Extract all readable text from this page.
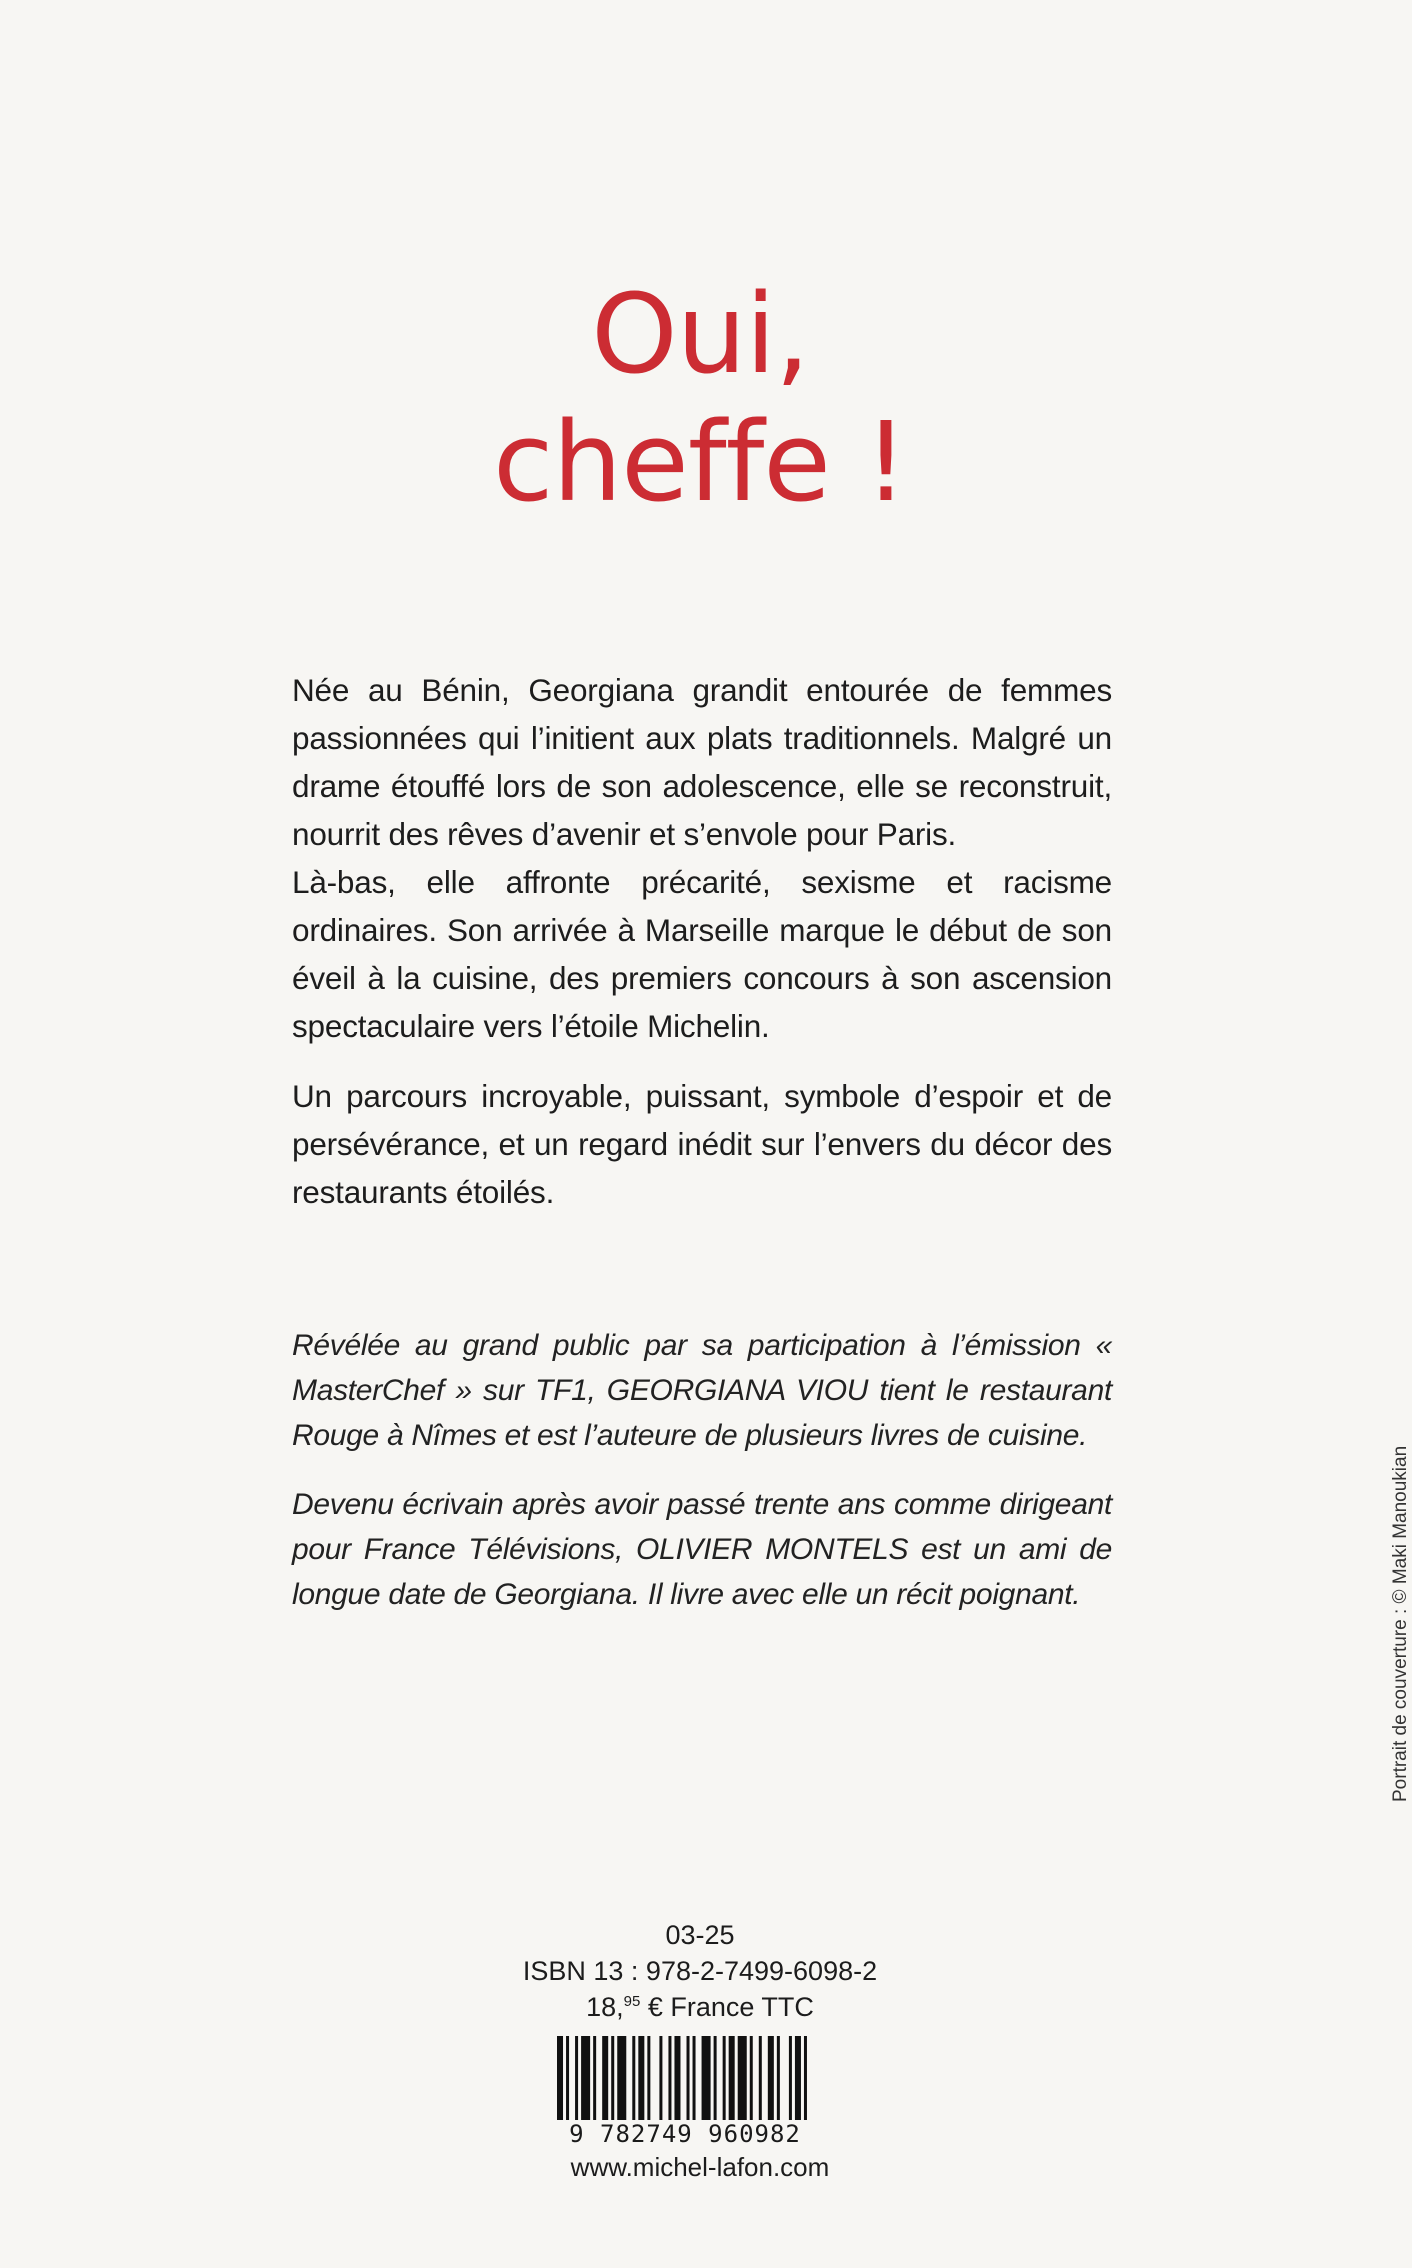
Oui,
cheffe !

Née au Bénin, Georgiana grandit entourée de femmes passionnées qui l’initient aux plats traditionnels. Malgré un drame étouffé lors de son adolescence, elle se reconstruit, nourrit des rêves d’avenir et s’envole pour Paris.

Là-bas, elle affronte précarité, sexisme et racisme ordinaires. Son arrivée à Marseille marque le début de son éveil à la cuisine, des premiers concours à son ascension spectaculaire vers l’étoile Michelin.

Un parcours incroyable, puissant, symbole d’espoir et de persévérance, et un regard inédit sur l’envers du décor des restaurants étoilés.

Révélée au grand public par sa participation à l’émission « MasterChef » sur TF1, GEORGIANA VIOU tient le restaurant Rouge à Nîmes et est l’auteure de plusieurs livres de cuisine.

Devenu écrivain après avoir passé trente ans comme dirigeant pour France Télévisions, OLIVIER MONTELS est un ami de longue date de Georgiana. Il livre avec elle un récit poignant.

03-25
ISBN 13 : 978-2-7499-6098-2
18,95 € France TTC
9 782749 960982
www.michel-lafon.com
Portrait de couverture : © Maki Manoukian
